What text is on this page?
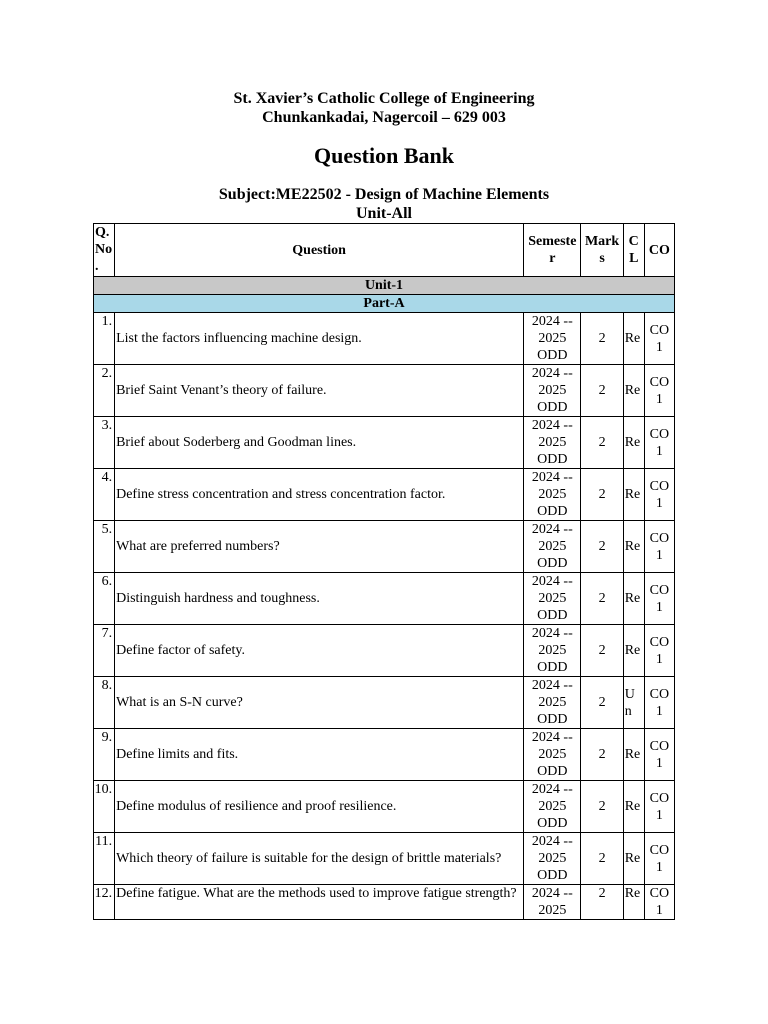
St. Xavier’s Catholic College of Engineering
Chunkankadai, Nagercoil – 629 003
Question Bank
Subject:ME22502 - Design of Machine Elements
Unit-All
Q. No .	Question	Semeste r	Mark s	C L	CO
Unit-1					
Part-A					
1.	List the factors influencing machine design.	2024 -- 2025 ODD	2	Re	CO 1
2.	Brief Saint Venant’s theory of failure.	2024 -- 2025 ODD	2	Re	CO 1
3.	Brief about Soderberg and Goodman lines.	2024 -- 2025 ODD	2	Re	CO 1
4.	Define stress concentration and stress concentration factor.	2024 -- 2025 ODD	2	Re	CO 1
5.	What are preferred numbers?	2024 -- 2025 ODD	2	Re	CO 1
6.	Distinguish hardness and toughness.	2024 -- 2025 ODD	2	Re	CO 1
7.	Define factor of safety.	2024 -- 2025 ODD	2	Re	CO 1
8.	What is an S-N curve?	2024 -- 2025 ODD	2	U n	CO 1
9.	Define limits and fits.	2024 -- 2025 ODD	2	Re	CO 1
10.	Define modulus of resilience and proof resilience.	2024 -- 2025 ODD	2	Re	CO 1
11.	Which theory of failure is suitable for the design of brittle materials?	2024 -- 2025 ODD	2	Re	CO 1
12.	Define fatigue. What are the methods used to improve fatigue strength?	2024 -- 2025	2	Re	CO 1
